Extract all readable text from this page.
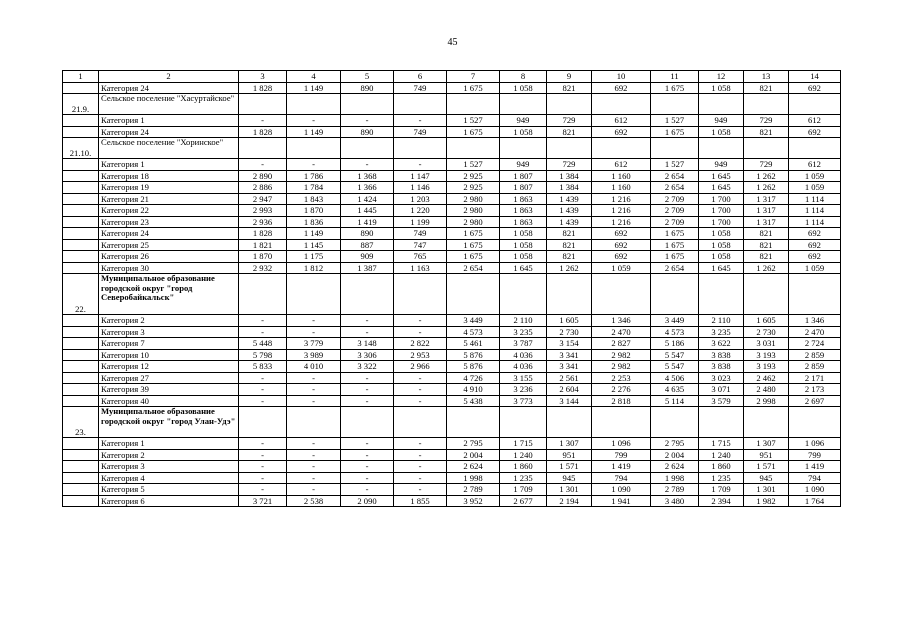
45
1	2	3	4	5	6	7	8	9	10	11	12	13	14
	Категория 24	1 828	1 149	890	749	1 675	1 058	821	692	1 675	1 058	821	692
21.9.	Сельское поселение "Хасуртайское"												
	Категория 1	-	-	-	-	1 527	949	729	612	1 527	949	729	612
	Категория 24	1 828	1 149	890	749	1 675	1 058	821	692	1 675	1 058	821	692
21.10.	Сельское поселение "Хоринское"												
	Категория 1	-	-	-	-	1 527	949	729	612	1 527	949	729	612
	Категория 18	2 890	1 786	1 368	1 147	2 925	1 807	1 384	1 160	2 654	1 645	1 262	1 059
	Категория 19	2 886	1 784	1 366	1 146	2 925	1 807	1 384	1 160	2 654	1 645	1 262	1 059
	Категория 21	2 947	1 843	1 424	1 203	2 980	1 863	1 439	1 216	2 709	1 700	1 317	1 114
	Категория 22	2 993	1 870	1 445	1 220	2 980	1 863	1 439	1 216	2 709	1 700	1 317	1 114
	Категория 23	2 936	1 836	1 419	1 199	2 980	1 863	1 439	1 216	2 709	1 700	1 317	1 114
	Категория 24	1 828	1 149	890	749	1 675	1 058	821	692	1 675	1 058	821	692
	Категория 25	1 821	1 145	887	747	1 675	1 058	821	692	1 675	1 058	821	692
	Категория 26	1 870	1 175	909	765	1 675	1 058	821	692	1 675	1 058	821	692
	Категория 30	2 932	1 812	1 387	1 163	2 654	1 645	1 262	1 059	2 654	1 645	1 262	1 059
22.	Муниципальное образование городской округ "город Северобайкальск"												
	Категория 2	-	-	-	-	3 449	2 110	1 605	1 346	3 449	2 110	1 605	1 346
	Категория 3	-	-	-	-	4 573	3 235	2 730	2 470	4 573	3 235	2 730	2 470
	Категория 7	5 448	3 779	3 148	2 822	5 461	3 787	3 154	2 827	5 186	3 622	3 031	2 724
	Категория 10	5 798	3 989	3 306	2 953	5 876	4 036	3 341	2 982	5 547	3 838	3 193	2 859
	Категория 12	5 833	4 010	3 322	2 966	5 876	4 036	3 341	2 982	5 547	3 838	3 193	2 859
	Категория 27	-	-	-	-	4 726	3 155	2 561	2 253	4 506	3 023	2 462	2 171
	Категория 39	-	-	-	-	4 910	3 236	2 604	2 276	4 635	3 071	2 480	2 173
	Категория 40	-	-	-	-	5 438	3 773	3 144	2 818	5 114	3 579	2 998	2 697
23.	Муниципальное образование городской округ "город Улан-Удэ"												
	Категория 1	-	-	-	-	2 795	1 715	1 307	1 096	2 795	1 715	1 307	1 096
	Категория 2	-	-	-	-	2 004	1 240	951	799	2 004	1 240	951	799
	Категория 3	-	-	-	-	2 624	1 860	1 571	1 419	2 624	1 860	1 571	1 419
	Категория 4	-	-	-	-	1 998	1 235	945	794	1 998	1 235	945	794
	Категория 5	-	-	-	-	2 789	1 709	1 301	1 090	2 789	1 709	1 301	1 090
	Категория 6	3 721	2 538	2 090	1 855	3 952	2 677	2 194	1 941	3 480	2 394	1 982	1 764
